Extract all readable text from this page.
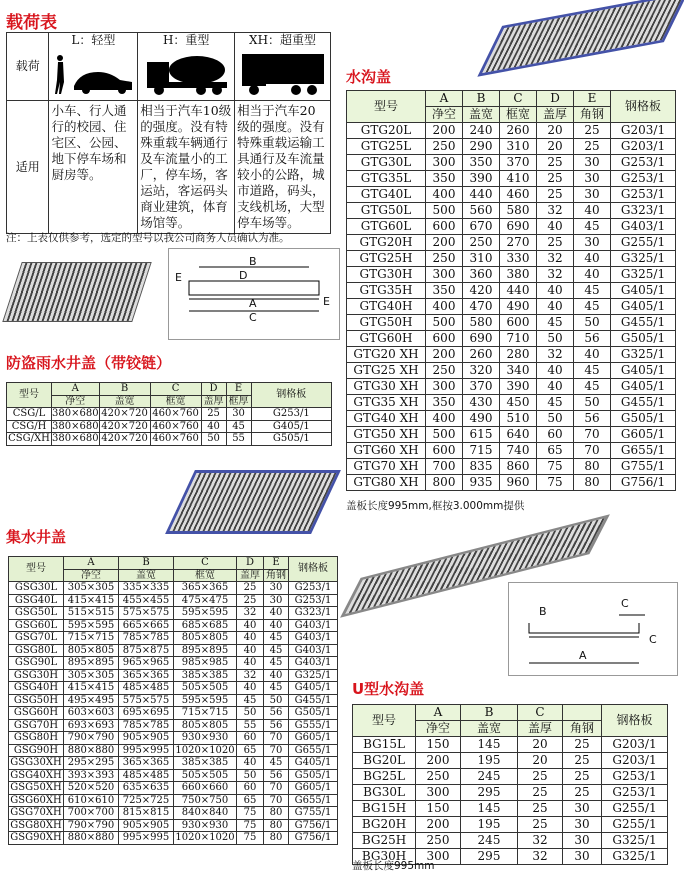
载荷表
载荷	L：轻型	H：重型	XH：超重型

适用	小车、行人通行的校园、住宅区、公园、地下停车场和厨房等。	相当于汽车10级的强度。没有特殊重载车辆通行及车流量小的工厂，停车场，客运站，客运码头商业建筑，体育场馆等。	相当于汽车20级的强度。没有特殊重载运输工具通行及车流量较小的公路，城市道路，码头，支线机场，大型停车场等。
注：上表仅供参考，选定的型号以我公司商务人员确认为准。
B
D
E
A
C
E
防盗雨水井盖（带铰链）
型号	A	B	C	D	E	钢格板
	净空	盖宽	框宽	盖厚	框厚	
CSG/L	380×680	420×720	460×760	25	30	G253/1
CSG/H	380×680	420×720	460×760	40	45	G405/1
CSG/XH	380×680	420×720	460×760	50	55	G505/1
集水井盖
型号	A	B	C	D	E	钢格板
	净空	盖宽	框宽	盖厚	角钢	
GSG30L	305×305	335×335	365×365	25	30	G253/1
GSG40L	415×415	455×455	475×475	25	30	G253/1
GSG50L	515×515	575×575	595×595	32	40	G323/1
GSG60L	595×595	665×665	685×685	40	40	G403/1
GSG70L	715×715	785×785	805×805	40	45	G403/1
GSG80L	805×805	875×875	895×895	40	45	G403/1
GSG90L	895×895	965×965	985×985	40	45	G403/1
GSG30H	305×305	365×365	385×385	32	40	G325/1
GSG40H	415×415	485×485	505×505	40	45	G405/1
GSG50H	495×495	575×575	595×595	45	50	G455/1
GSG60H	603×603	695×695	715×715	50	56	G505/1
GSG70H	693×693	785×785	805×805	55	56	G555/1
GSG80H	790×790	905×905	930×930	60	70	G605/1
GSG90H	880×880	995×995	1020×1020	65	70	G655/1
GSG30XH	295×295	365×365	385×385	40	45	G405/1
GSG40XH	393×393	485×485	505×505	50	56	G505/1
GSG50XH	520×520	635×635	660×660	60	70	G605/1
GSG60XH	610×610	725×725	750×750	65	70	G655/1
GSG70XH	700×700	815×815	840×840	75	80	G755/1
GSG80XH	790×790	905×905	930×930	75	80	G756/1
GSG90XH	880×880	995×995	1020×1020	75	80	G756/1
水沟盖
型号	A	B	C	D	E	钢格板
	净空	盖宽	框宽	盖厚	角钢	
GTG20L	200	240	260	20	25	G203/1
GTG25L	250	290	310	20	25	G203/1
GTG30L	300	350	370	25	30	G253/1
GTG35L	350	390	410	25	30	G253/1
GTG40L	400	440	460	25	30	G253/1
GTG50L	500	560	580	32	40	G323/1
GTG60L	600	670	690	40	45	G403/1
GTG20H	200	250	270	25	30	G255/1
GTG25H	250	310	330	32	40	G325/1
GTG30H	300	360	380	32	40	G325/1
GTG35H	350	420	440	40	45	G405/1
GTG40H	400	470	490	40	45	G405/1
GTG50H	500	580	600	45	50	G455/1
GTG60H	600	690	710	50	56	G505/1
GTG20 XH	200	260	280	32	40	G325/1
GTG25 XH	250	320	340	40	45	G405/1
GTG30 XH	300	370	390	40	45	G405/1
GTG35 XH	350	430	450	45	50	G455/1
GTG40 XH	400	490	510	50	56	G505/1
GTG50 XH	500	615	640	60	70	G605/1
GTG60 XH	600	715	740	65	70	G655/1
GTG70 XH	700	835	860	75	80	G755/1
GTG80 XH	800	935	960	75	80	G756/1
盖板长度995mm,框按3.000mm提供
B
C
C
A
U型水沟盖
型号	A	B	C		钢格板
	净空	盖宽	盖厚	角钢	
BG15L	150	145	20	25	G203/1
BG20L	200	195	20	25	G203/1
BG25L	250	245	25	25	G253/1
BG30L	300	295	25	25	G253/1
BG15H	150	145	25	30	G255/1
BG20H	200	195	25	30	G255/1
BG25H	250	245	32	30	G325/1
BG30H	300	295	32	30	G325/1
盖板长度995mm
